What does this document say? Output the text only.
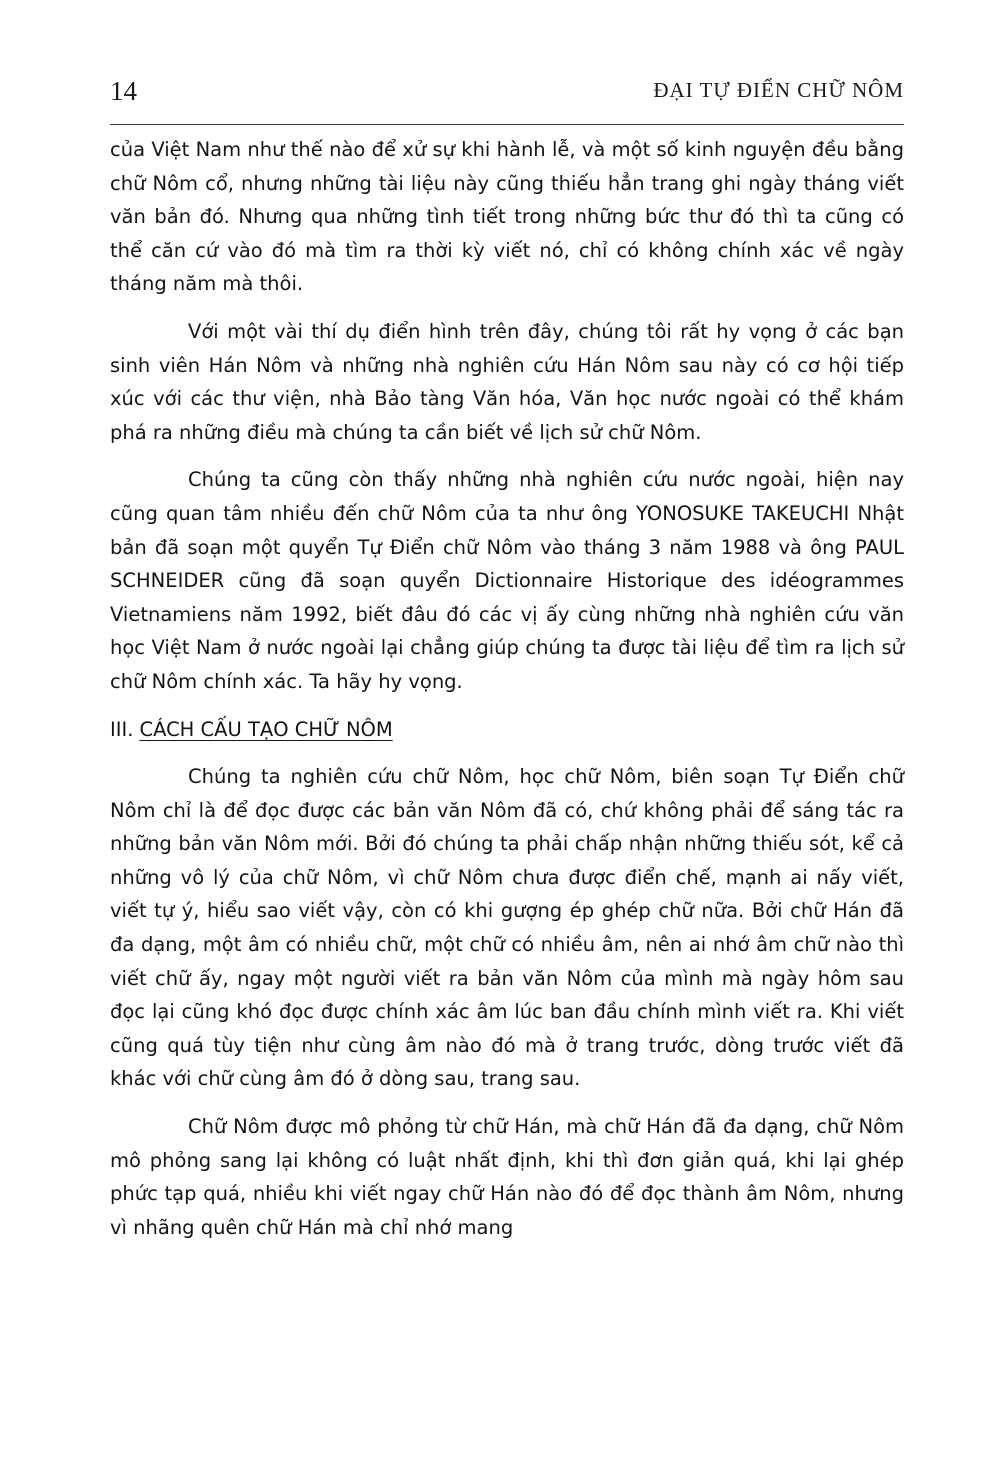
14	ĐẠI TỰ ĐIỂN CHỮ NÔM

của Việt Nam như thế nào để xử sự khi hành lễ, và một số kinh nguyện đều bằng chữ Nôm cổ, nhưng những tài liệu này cũng thiếu hẳn trang ghi ngày tháng viết văn bản đó. Nhưng qua những tình tiết trong những bức thư đó thì ta cũng có thể căn cứ vào đó mà tìm ra thời kỳ viết nó, chỉ có không chính xác về ngày tháng năm mà thôi.

Với một vài thí dụ điển hình trên đây, chúng tôi rất hy vọng ở các bạn sinh viên Hán Nôm và những nhà nghiên cứu Hán Nôm sau này có cơ hội tiếp xúc với các thư viện, nhà Bảo tàng Văn hóa, Văn học nước ngoài có thể khám phá ra những điều mà chúng ta cần biết về lịch sử chữ Nôm.

Chúng ta cũng còn thấy những nhà nghiên cứu nước ngoài, hiện nay cũng quan tâm nhiều đến chữ Nôm của ta như ông YONOSUKE TAKEUCHI Nhật bản đã soạn một quyển Tự Điển chữ Nôm vào tháng 3 năm 1988 và ông PAUL SCHNEIDER cũng đã soạn quyển Dictionnaire Historique des idéogrammes Vietnamiens năm 1992, biết đâu đó các vị ấy cùng những nhà nghiên cứu văn học Việt Nam ở nước ngoài lại chẳng giúp chúng ta được tài liệu để tìm ra lịch sử chữ Nôm chính xác. Ta hãy hy vọng.

III. CÁCH CẤU TẠO CHỮ NÔM

Chúng ta nghiên cứu chữ Nôm, học chữ Nôm, biên soạn Tự Điển chữ Nôm chỉ là để đọc được các bản văn Nôm đã có, chứ không phải để sáng tác ra những bản văn Nôm mới. Bởi đó chúng ta phải chấp nhận những thiếu sót, kể cả những vô lý của chữ Nôm, vì chữ Nôm chưa được điển chế, mạnh ai nấy viết, viết tự ý, hiểu sao viết vậy, còn có khi gượng ép ghép chữ nữa. Bởi chữ Hán đã đa dạng, một âm có nhiều chữ, một chữ có nhiều âm, nên ai nhớ âm chữ nào thì viết chữ ấy, ngay một người viết ra bản văn Nôm của mình mà ngày hôm sau đọc lại cũng khó đọc được chính xác âm lúc ban đầu chính mình viết ra. Khi viết cũng quá tùy tiện như cùng âm nào đó mà ở trang trước, dòng trước viết đã khác với chữ cùng âm đó ở dòng sau, trang sau.

Chữ Nôm được mô phỏng từ chữ Hán, mà chữ Hán đã đa dạng, chữ Nôm mô phỏng sang lại không có luật nhất định, khi thì đơn giản quá, khi lại ghép phức tạp quá, nhiều khi viết ngay chữ Hán nào đó để đọc thành âm Nôm, nhưng vì nhãng quên chữ Hán mà chỉ nhớ mang
